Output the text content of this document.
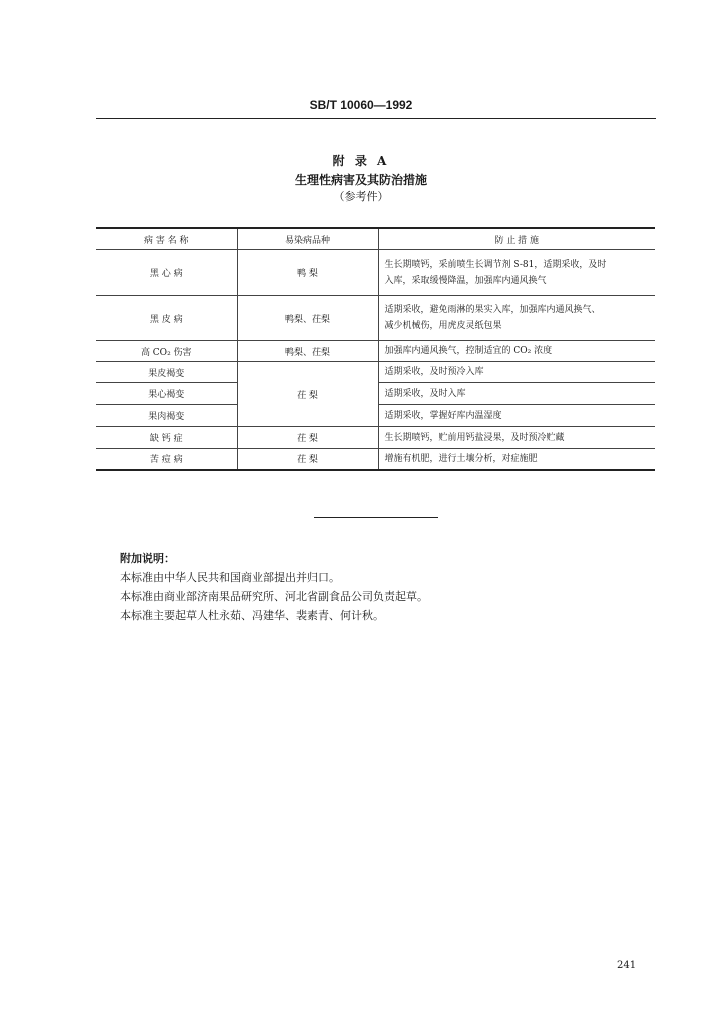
SB/T 10060—1992
附 录 A
生理性病害及其防治措施
（参考件）
病 害 名 称	易染病品种	防 止 措 施
黑 心 病	鸭 梨	生长期喷钙，采前喷生长调节剂 S-81，适期采收，及时
入库，采取缓慢降温，加强库内通风换气

黑 皮 病	鸭梨、茌梨	适期采收，避免雨淋的果实入库，加强库内通风换气、
减少机械伤，用虎皮灵纸包果

高 CO₂ 伤害	鸭梨、茌梨	加强库内通风换气，控制适宜的 CO₂ 浓度

果皮褐变	茌 梨	适期采收，及时预冷入库

果心褐变		适期采收，及时入库

果肉褐变		适期采收，掌握好库内温湿度

缺 钙 症	茌 梨	生长期喷钙，贮前用钙盐浸果，及时预冷贮藏

苦 痘 病	茌 梨	增施有机肥，进行土壤分析，对症施肥
附加说明：
本标准由中华人民共和国商业部提出并归口。
本标准由商业部济南果品研究所、河北省副食品公司负责起草。
本标准主要起草人杜永茹、冯建华、裴素青、何计秋。
241
